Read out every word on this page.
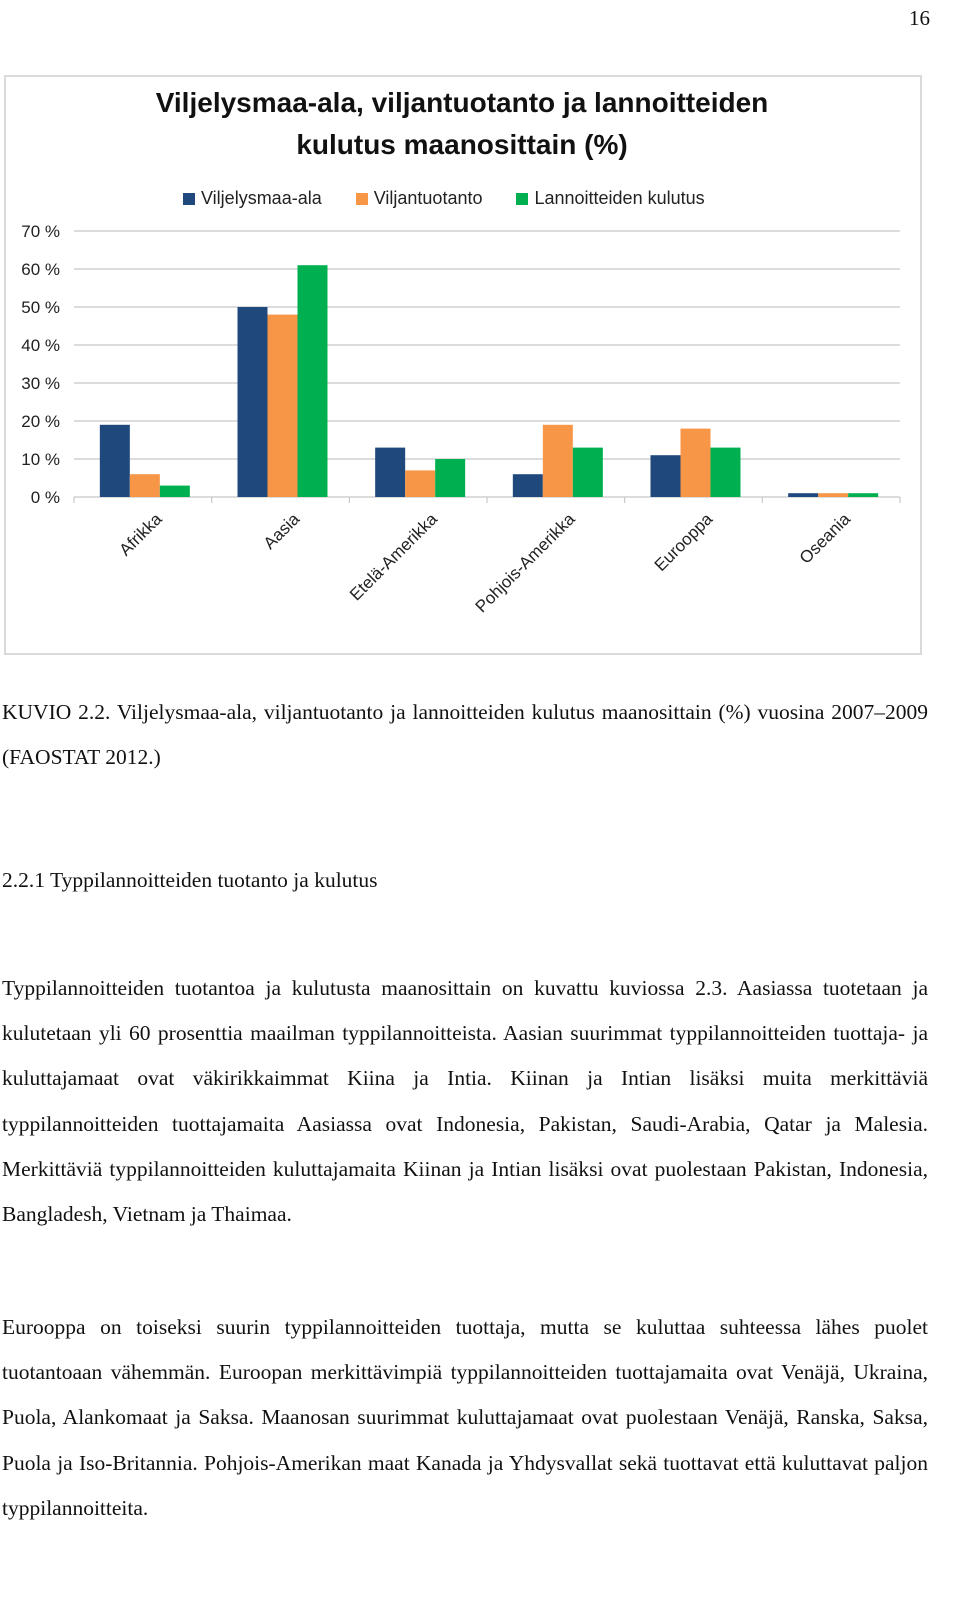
16
0 %
10 %
20 %
30 %
40 %
50 %
60 %
70 %
Afrikka	Aasia	Etelä-Amerikka Pohjois-Amerikka	Eurooppa	Oseania
Viljelysmaa-ala, viljantuotanto ja lannoitteiden
kulutus maanosittain (%)
Viljelysmaa-ala	Viljantuotanto	Lannoitteiden kulutus
KUVIO 2.2. Viljelysmaa-ala, viljantuotanto ja lannoitteiden kulutus maanosittain (%) vuosina 2007–2009 (FAOSTAT 2012.)
2.2.1 Typpilannoitteiden tuotanto ja kulutus

Typpilannoitteiden tuotantoa ja kulutusta maanosittain on kuvattu kuviossa 2.3. Aasiassa tuotetaan ja kulutetaan yli 60 prosenttia maailman typpilannoitteista. Aasian suurimmat typpilannoitteiden tuottaja- ja kuluttajamaat ovat väkirikkaimmat Kiina ja Intia. Kiinan ja Intian lisäksi muita merkittäviä typpilannoitteiden tuottajamaita Aasiassa ovat Indonesia, Pakistan, Saudi-Arabia, Qatar ja Malesia. Merkittäviä typpilannoitteiden kuluttajamaita Kiinan ja Intian lisäksi ovat puolestaan Pakistan, Indonesia, Bangladesh, Vietnam ja Thaimaa.

Eurooppa on toiseksi suurin typpilannoitteiden tuottaja, mutta se kuluttaa suhteessa lähes puolet tuotantoaan vähemmän. Euroopan merkittävimpiä typpilannoitteiden tuottajamaita ovat Venäjä, Ukraina, Puola, Alankomaat ja Saksa. Maanosan suurimmat kuluttajamaat ovat puolestaan Venäjä, Ranska, Saksa, Puola ja Iso-Britannia. Pohjois-Amerikan maat Kanada ja Yhdysvallat sekä tuottavat että kuluttavat paljon typpilannoitteita.
